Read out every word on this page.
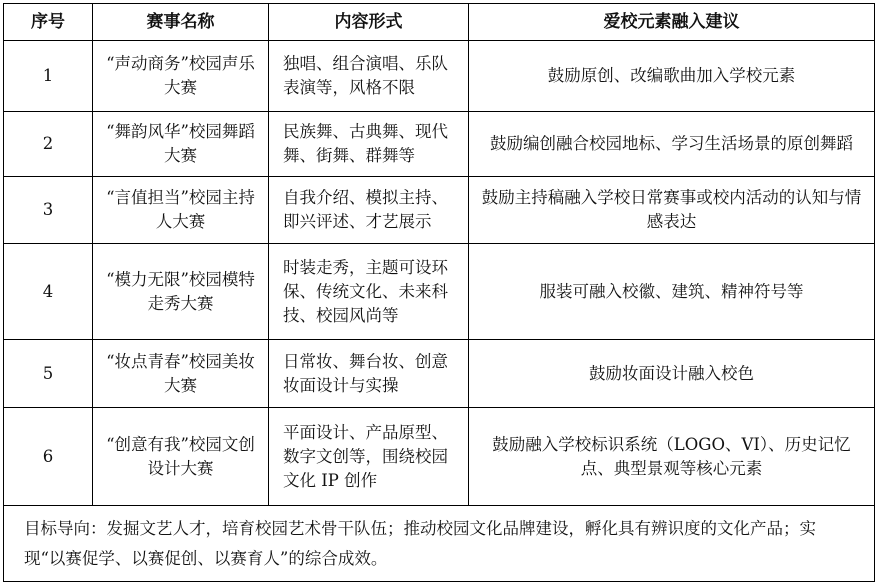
序号	赛事名称	内容形式	爱校元素融入建议
1	“声动商务”校园声乐大赛	独唱、组合演唱、乐队表演等，风格不限	鼓励原创、改编歌曲加入学校元素
2	“舞韵风华”校园舞蹈大赛	民族舞、古典舞、现代舞、街舞、群舞等	鼓励编创融合校园地标、学习生活场景的原创舞蹈
3	“言值担当”校园主持人大赛	自我介绍、模拟主持、即兴评述、才艺展示	鼓励主持稿融入学校日常赛事或校内活动的认知与情感表达
4	“模力无限”校园模特走秀大赛	时装走秀，主题可设环保、传统文化、未来科技、校园风尚等	服装可融入校徽、建筑、精神符号等
5	“妆点青春”校园美妆大赛	日常妆、舞台妆、创意妆面设计与实操	鼓励妆面设计融入校色
6	“创意有我”校园文创设计大赛	平面设计、产品原型、数字文创等，围绕校园文化 IP 创作	鼓励融入学校标识系统（LOGO、VI）、历史记忆点、典型景观等核心元素
目标导向：发掘文艺人才，培育校园艺术骨干队伍；推动校园文化品牌建设，孵化具有辨识度的文化产品；实现“以赛促学、以赛促创、以赛育人”的综合成效。			
